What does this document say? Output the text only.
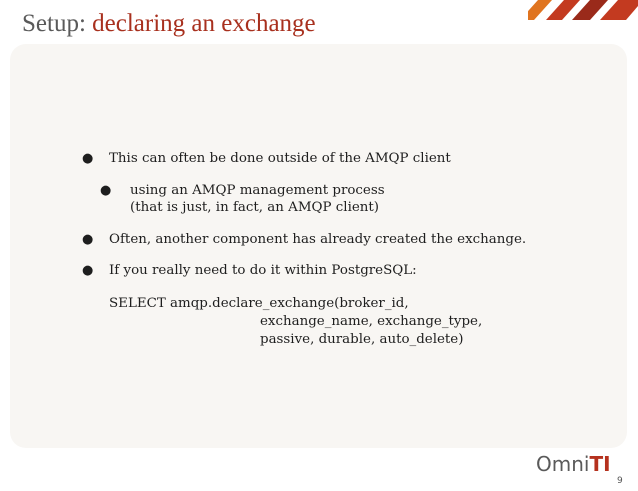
Setup: declaring an exchange
● This can often be done outside of the AMQP client
● using an AMQP management process
(that is just, in fact, an AMQP client)
● Often, another component has already created the exchange.
● If you really need to do it within PostgreSQL:
SELECT amqp.declare_exchange(broker_id,
exchange_name, exchange_type,
passive, durable, auto_delete)
OmniTI
9
